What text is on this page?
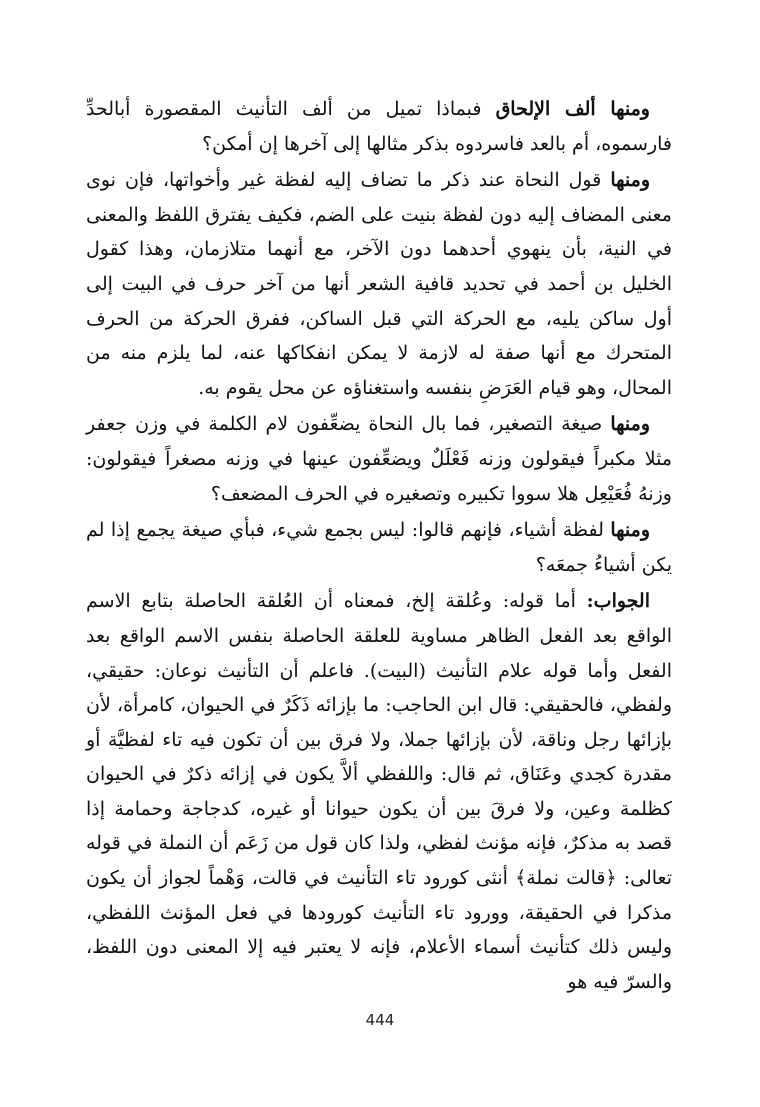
ومنها ألف الإلحاق فبماذا تميل من ألف التأنيث المقصورة أبالحدِّ فارسموه، أم بالعد فاسردوه بذكر مثالها إلى آخرها إن أمكن؟

ومنها قول النحاة عند ذكر ما تضاف إليه لفظة غير وأخواتها، فإن نوى معنى المضاف إليه دون لفظة بنيت على الضم، فكيف يفترق اللفظ والمعنى في النية، بأن ينهوي أحدهما دون الآخر، مع أنهما متلازمان، وهذا كقول الخليل بن أحمد في تحديد قافية الشعر أنها من آخر حرف في البيت إلى أول ساكن يليه، مع الحركة التي قبل الساكن، ففرق الحركة من الحرف المتحرك مع أنها صفة له لازمة لا يمكن انفكاكها عنه، لما يلزم منه من المحال، وهو قيام العَرَضِ بنفسه واستغناؤه عن محل يقوم به.

ومنها صيغة التصغير، فما بال النحاة يضعِّفون لام الكلمة في وزن جعفر مثلا مكبراً فيقولون وزنه فَعْلَلٌ ويضعِّفون عينها في وزنه مصغراً فيقولون: وزنهُ فُعَيْعِل هلا سووا تكبيره وتصغيره في الحرف المضعف؟

ومنها لفظة أشياء، فإنهم قالوا: ليس بجمع شيء، فبأي صيغة يجمع إذا لم يكن أشياءُ جمعَه؟

الجواب: أما قوله: وعُلقة إلخ، فمعناه أن العُلقة الحاصلة بتابع الاسم الواقع بعد الفعل الظاهر مساوية للعلقة الحاصلة بنفس الاسم الواقع بعد الفعل وأما قوله علام التأنيث (البيت). فاعلم أن التأنيث نوعان: حقيقي، ولفظي، فالحقيقي: قال ابن الحاجب: ما بإزائه ذَكَرٌ في الحيوان، كامرأة، لأن بإزائها رجل وناقة، لأن بإزائها جملا، ولا فرق بين أن تكون فيه تاء لفظيَّة أو مقدرة كجدي وعَنَاق، ثم قال: واللفظي ألاَّ يكون في إزائه ذكرٌ في الحيوان كظلمة وعين، ولا فرقَ بين أن يكون حيوانا أو غيره، كدجاجة وحمامة إذا قصد به مذكرٌ، فإنه مؤنث لفظي، ولذا كان قول من زَعَم أن النملة في قوله تعالى: ﴿قالت نملة﴾ أنثى كورود تاء التأنيث في قالت، وَهْماً لجواز أن يكون مذكرا في الحقيقة، وورود تاء التأنيث كورودها في فعل المؤنث اللفظي، وليس ذلك كتأنيث أسماء الأعلام، فإنه لا يعتبر فيه إلا المعنى دون اللفظ، والسرّ فيه هو

444
